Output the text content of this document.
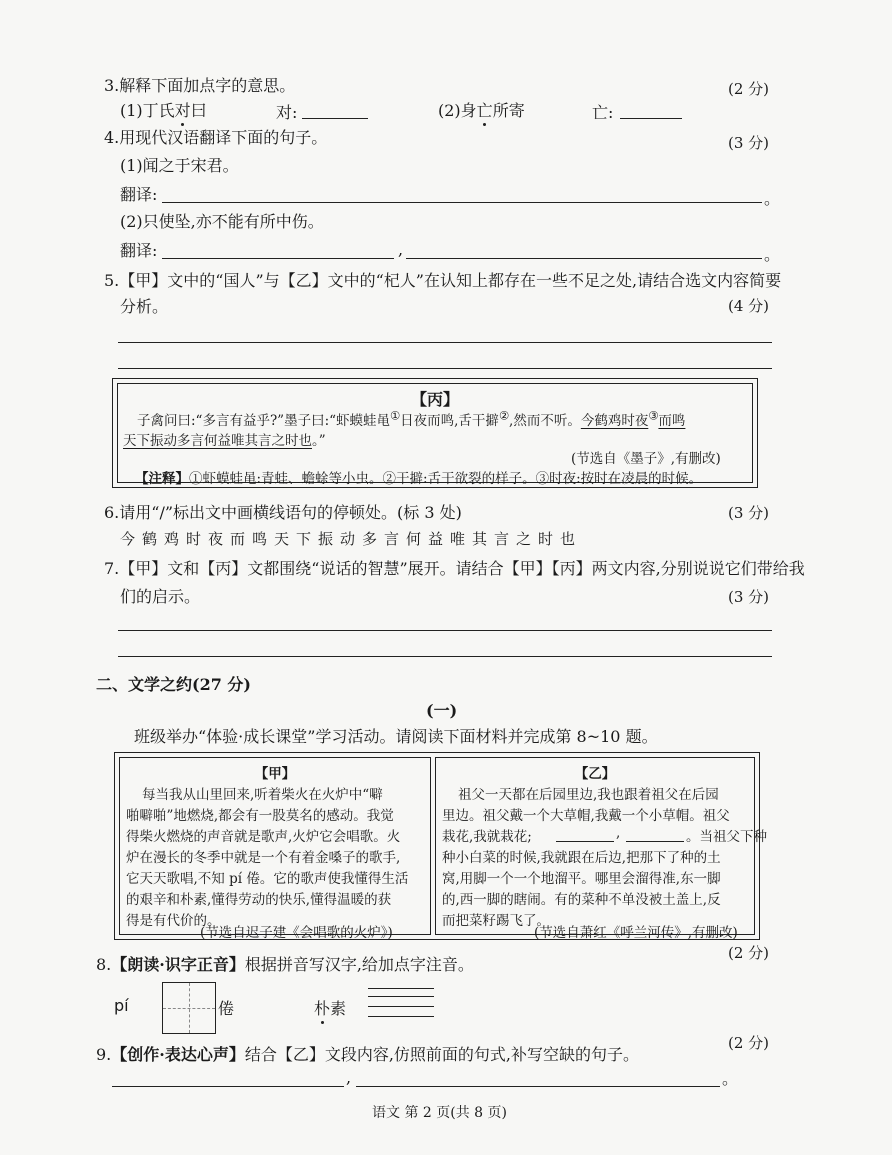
3.解释下面加点字的意思。	(2 分)
(1)丁氏对曰	对:	(2)身亡所寄	亡:
4.用现代汉语翻译下面的句子。	(3 分)
(1)闻之于宋君。
翻译:	。
(2)只使坠,亦不能有所中伤。
翻译:	,	。
5.【甲】文中的“国人”与【乙】文中的“杞人”在认知上都存在一些不足之处,请结合选文内容简要
分析。	(4 分)
【丙】
子禽问曰:“多言有益乎?”墨子曰:“虾蟆蛙黾①日夜而鸣,舌干擗②,然而不听。今鹤鸡时夜③而鸣
天下振动多言何益唯其言之时也。”
(节选自《墨子》,有删改)
【注释】①虾蟆蛙黾:青蛙、蟾蜍等小虫。②干擗:舌干欲裂的样子。③时夜:按时在凌晨的时候。
6.请用“/”标出文中画横线语句的停顿处。(标 3 处)	(3 分)
今鹤鸡时夜而鸣天下振动多言何益唯其言之时也
7.【甲】文和【丙】文都围绕“说话的智慧”展开。请结合【甲】【丙】两文内容,分别说说它们带给我
们的启示。	(3 分)
二、文学之约(27 分)
(一)
班级举办“体验·成长课堂”学习活动。请阅读下面材料并完成第 8~10 题。
【甲】
每当我从山里回来,听着柴火在火炉中“噼
啪噼啪”地燃烧,都会有一股莫名的感动。我觉
得柴火燃烧的声音就是歌声,火炉它会唱歌。火
炉在漫长的冬季中就是一个有着金嗓子的歌手,
它天天歌唱,不知 pí 倦。它的歌声使我懂得生活
的艰辛和朴素,懂得劳动的快乐,懂得温暖的获
得是有代价的。
(节选自迟子建《会唱歌的火炉》)
【乙】
祖父一天都在后园里边,我也跟着祖父在后园
里边。祖父戴一个大草帽,我戴一个小草帽。祖父
栽花,我就栽花;	,	。当祖父下种
种小白菜的时候,我就跟在后边,把那下了种的土
窝,用脚一个一个地溜平。哪里会溜得准,东一脚
的,西一脚的瞎闹。有的菜种不单没被土盖上,反
而把菜籽踢飞了。
(节选自萧红《呼兰河传》,有删改)
8.【朗读·识字正音】根据拼音写汉字,给加点字注音。
(2 分)
pí	倦	朴素
9.【创作·表达心声】结合【乙】文段内容,仿照前面的句式,补写空缺的句子。
(2 分)
,	。
语文 第 2 页(共 8 页)
